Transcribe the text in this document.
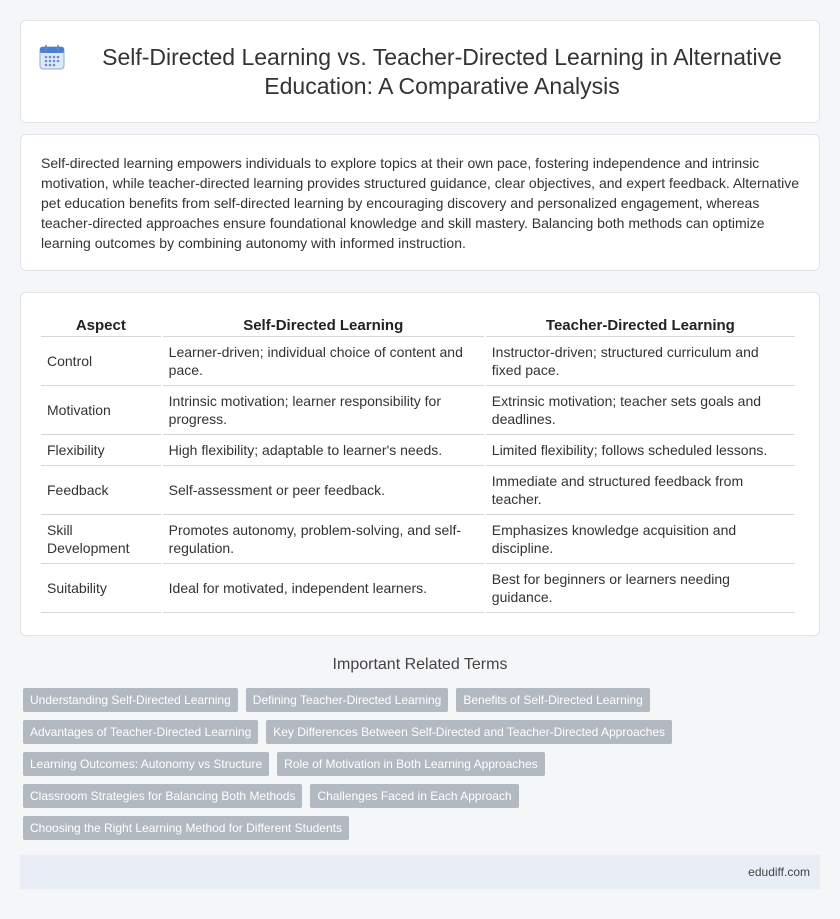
Self-Directed Learning vs. Teacher-Directed Learning in Alternative Education: A Comparative Analysis

Self-directed learning empowers individuals to explore topics at their own pace, fostering independence and intrinsic motivation, while teacher-directed learning provides structured guidance, clear objectives, and expert feedback. Alternative pet education benefits from self-directed learning by encouraging discovery and personalized engagement, whereas teacher-directed approaches ensure foundational knowledge and skill mastery. Balancing both methods can optimize learning outcomes by combining autonomy with informed instruction.

Aspect	Self-Directed Learning	Teacher-Directed Learning
Control	Learner-driven; individual choice of content and pace.	Instructor-driven; structured curriculum and fixed pace.
Motivation	Intrinsic motivation; learner responsibility for progress.	Extrinsic motivation; teacher sets goals and deadlines.
Flexibility	High flexibility; adaptable to learner's needs.	Limited flexibility; follows scheduled lessons.
Feedback	Self-assessment or peer feedback.	Immediate and structured feedback from teacher.
Skill Development	Promotes autonomy, problem-solving, and self-regulation.	Emphasizes knowledge acquisition and discipline.
Suitability	Ideal for motivated, independent learners.	Best for beginners or learners needing guidance.
Important Related Terms
Understanding Self-Directed Learning	Defining Teacher-Directed Learning	Benefits of Self-Directed Learning
Advantages of Teacher-Directed Learning	Key Differences Between Self-Directed and Teacher-Directed Approaches
Learning Outcomes: Autonomy vs Structure	Role of Motivation in Both Learning Approaches
Classroom Strategies for Balancing Both Methods	Challenges Faced in Each Approach
Choosing the Right Learning Method for Different Students
edudiff.com
